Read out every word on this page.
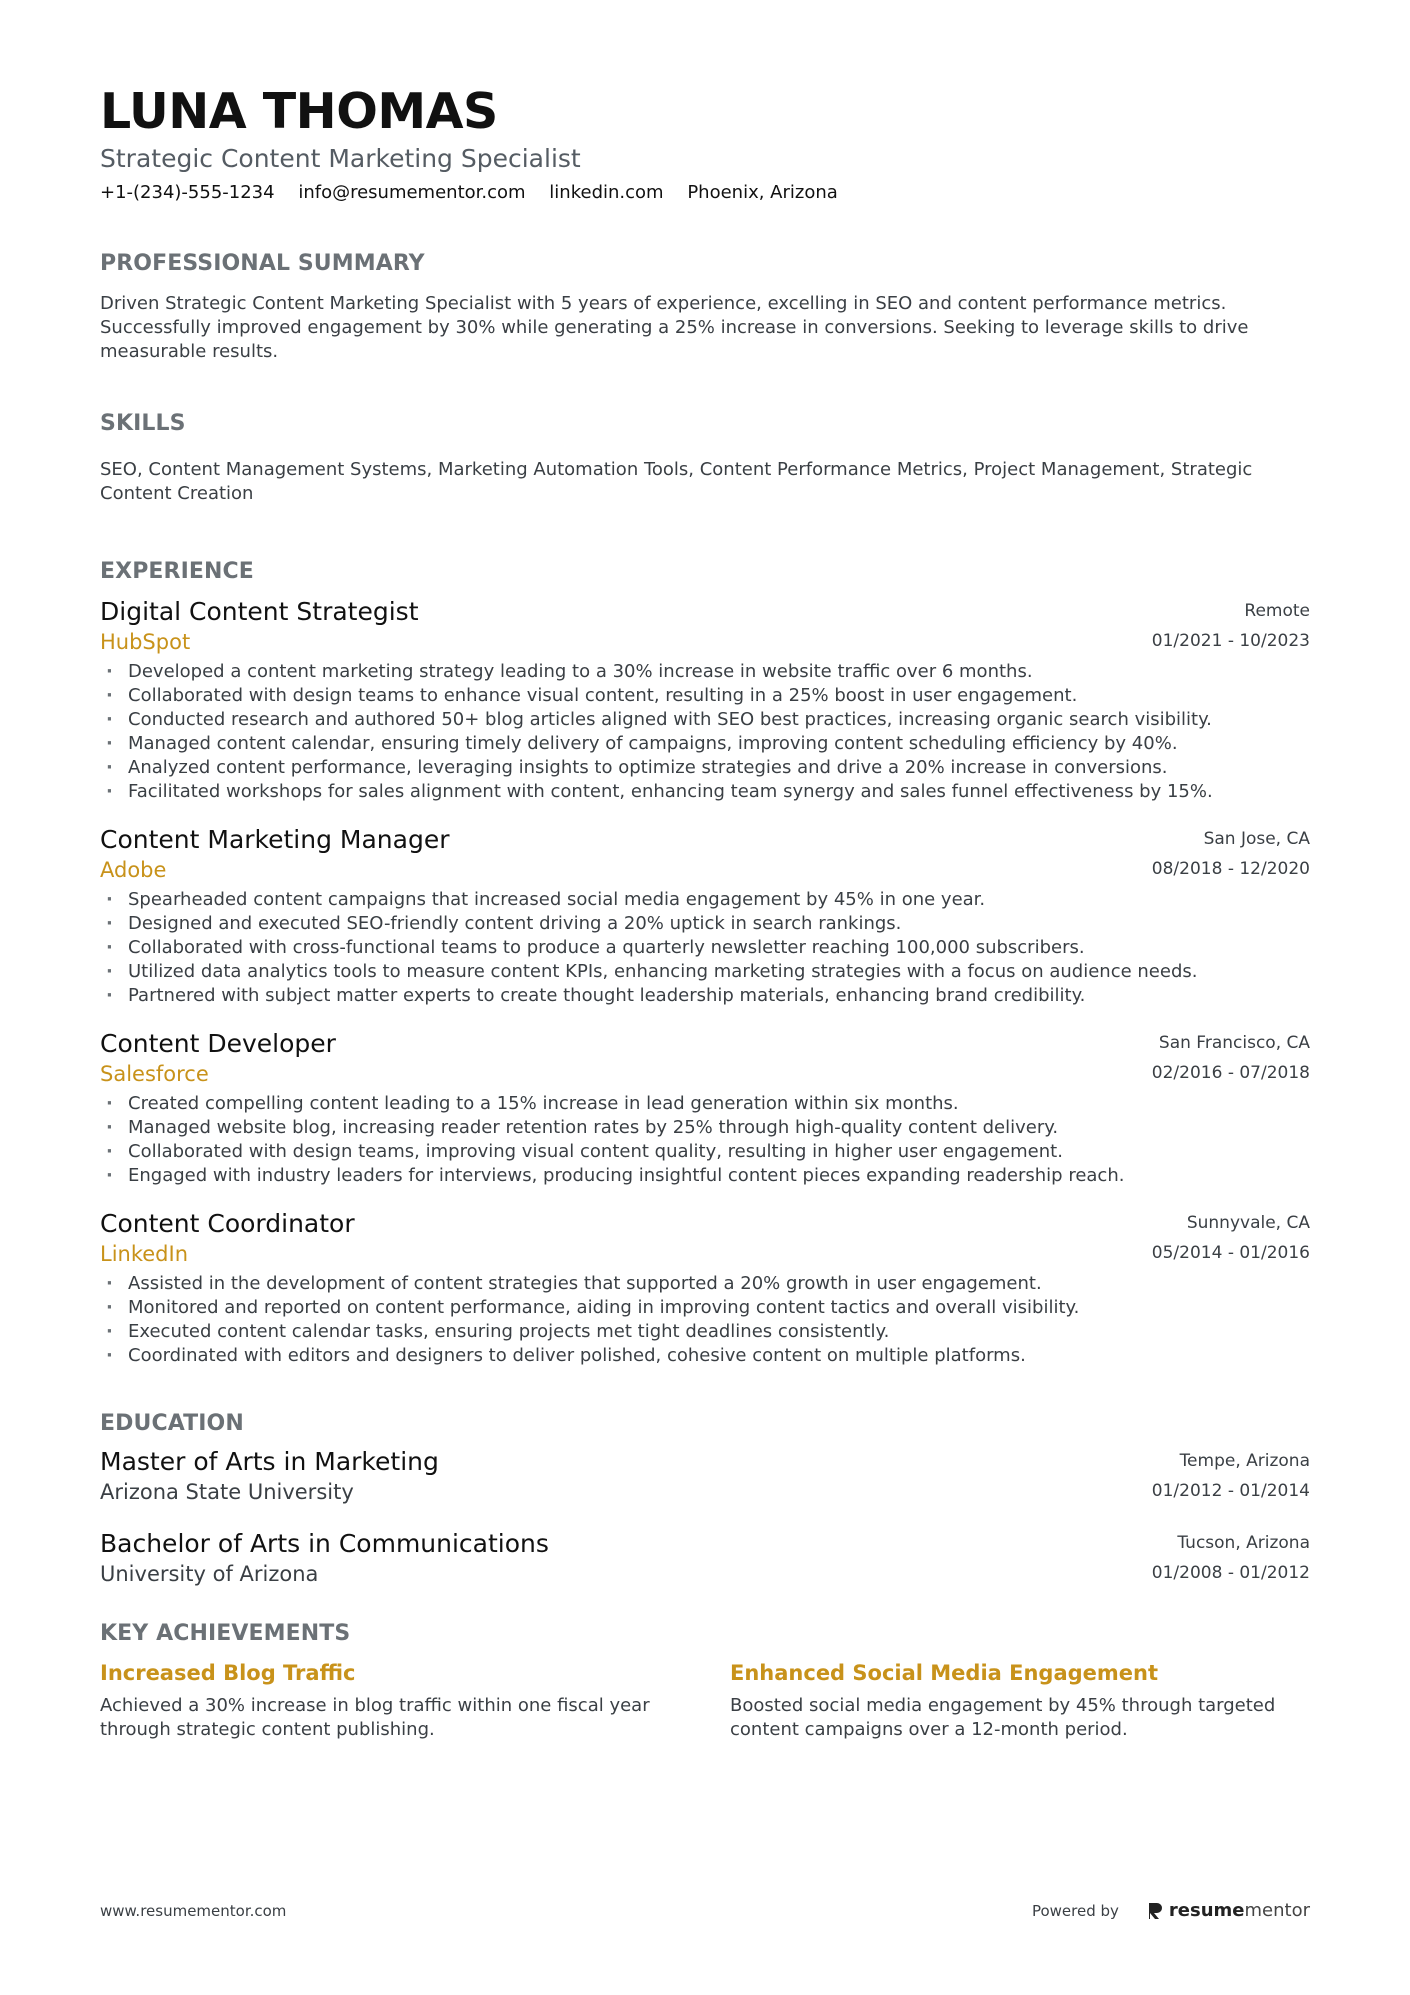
LUNA THOMAS
Strategic Content Marketing Specialist
+1-(234)-555-1234 info@resumementor.com linkedin.com Phoenix, Arizona
PROFESSIONAL SUMMARY
Driven Strategic Content Marketing Specialist with 5 years of experience, excelling in SEO and content performance metrics. Successfully improved engagement by 30% while generating a 25% increase in conversions. Seeking to leverage skills to drive measurable results.
SKILLS
SEO, Content Management Systems, Marketing Automation Tools, Content Performance Metrics, Project Management, Strategic Content Creation
EXPERIENCE
Digital Content Strategist
HubSpot
Remote
01/2021 - 10/2023
· Developed a content marketing strategy leading to a 30% increase in website traffic over 6 months.
· Collaborated with design teams to enhance visual content, resulting in a 25% boost in user engagement.
· Conducted research and authored 50+ blog articles aligned with SEO best practices, increasing organic search visibility.
· Managed content calendar, ensuring timely delivery of campaigns, improving content scheduling efficiency by 40%.
· Analyzed content performance, leveraging insights to optimize strategies and drive a 20% increase in conversions.
· Facilitated workshops for sales alignment with content, enhancing team synergy and sales funnel effectiveness by 15%.
Content Marketing Manager
Adobe
San Jose, CA
08/2018 - 12/2020
· Spearheaded content campaigns that increased social media engagement by 45% in one year.
· Designed and executed SEO-friendly content driving a 20% uptick in search rankings.
· Collaborated with cross-functional teams to produce a quarterly newsletter reaching 100,000 subscribers.
· Utilized data analytics tools to measure content KPIs, enhancing marketing strategies with a focus on audience needs.
· Partnered with subject matter experts to create thought leadership materials, enhancing brand credibility.
Content Developer
Salesforce
San Francisco, CA
02/2016 - 07/2018
· Created compelling content leading to a 15% increase in lead generation within six months.
· Managed website blog, increasing reader retention rates by 25% through high-quality content delivery.
· Collaborated with design teams, improving visual content quality, resulting in higher user engagement.
· Engaged with industry leaders for interviews, producing insightful content pieces expanding readership reach.
Content Coordinator
LinkedIn
Sunnyvale, CA
05/2014 - 01/2016
· Assisted in the development of content strategies that supported a 20% growth in user engagement.
· Monitored and reported on content performance, aiding in improving content tactics and overall visibility.
· Executed content calendar tasks, ensuring projects met tight deadlines consistently.
· Coordinated with editors and designers to deliver polished, cohesive content on multiple platforms.
EDUCATION
Master of Arts in Marketing
Arizona State University
Tempe, Arizona
01/2012 - 01/2014
Bachelor of Arts in Communications
University of Arizona
Tucson, Arizona
01/2008 - 01/2012
KEY ACHIEVEMENTS
Increased Blog Traffic
Achieved a 30% increase in blog traffic within one fiscal year through strategic content publishing.
Enhanced Social Media Engagement
Boosted social media engagement by 45% through targeted content campaigns over a 12-month period.
www.resumementor.com	Powered by	resumementor
